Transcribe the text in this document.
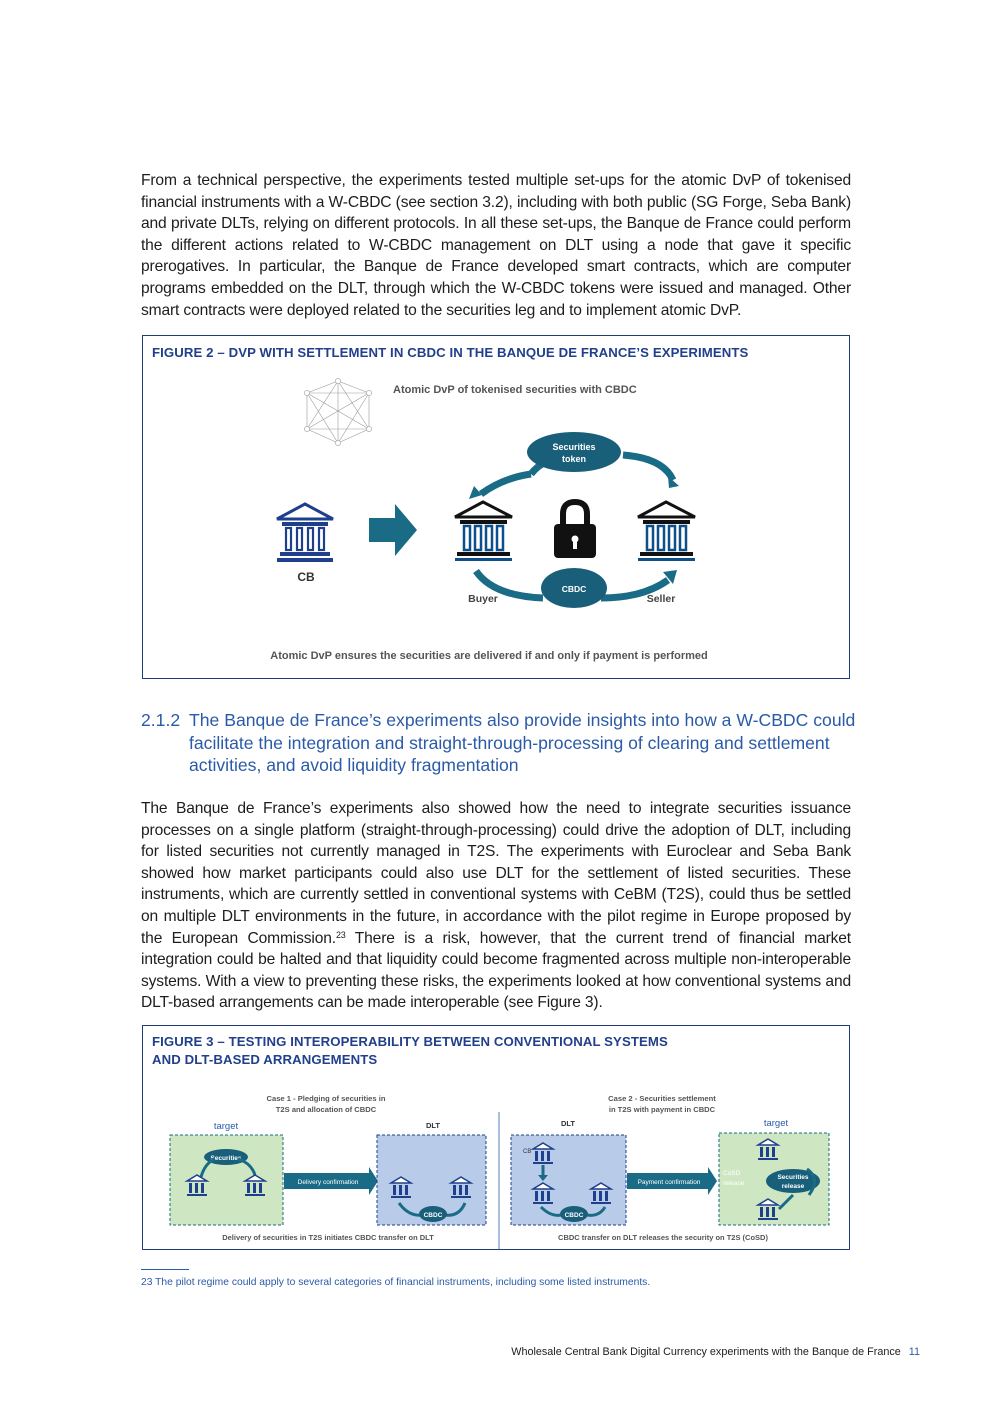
From a technical perspective, the experiments tested multiple set-ups for the atomic DvP of tokenised financial instruments with a W-CBDC (see section 3.2), including with both public (SG Forge, Seba Bank) and private DLTs, relying on different protocols. In all these set-ups, the Banque de France could perform the different actions related to W-CBDC management on DLT using a node that gave it specific prerogatives. In particular, the Banque de France developed smart contracts, which are computer programs embedded on the DLT, through which the W-CBDC tokens were issued and managed. Other smart contracts were deployed related to the securities leg and to implement atomic DvP.

FIGURE 2 – DVP WITH SETTLEMENT IN CBDC IN THE BANQUE DE FRANCE’S EXPERIMENTS

Atomic DvP of tokenised securities with CBDC
CB
Securities
token
CBDC
Buyer	Seller
Atomic DvP ensures the securities are delivered if and only if payment is performed
2.1.2 The Banque de France’s experiments also provide insights into how a W-CBDC could facilitate the integration and straight-through-processing of clearing and settlement activities, and avoid liquidity fragmentation

The Banque de France’s experiments also showed how the need to integrate securities issuance processes on a single platform (straight-through-processing) could drive the adoption of DLT, including for listed securities not currently managed in T2S. The experiments with Euroclear and Seba Bank showed how market participants could also use DLT for the settlement of listed securities. These instruments, which are currently settled in conventional systems with CeBM (T2S), could thus be settled on multiple DLT environments in the future, in accordance with the pilot regime in Europe proposed by the European Commission.$^{23}$ There is a risk, however, that the current trend of financial market integration could be halted and that liquidity could become fragmented across multiple non-interoperable systems. With a view to preventing these risks, the experiments looked at how conventional systems and DLT-based arrangements can be made interoperable (see Figure 3).

FIGURE 3 – TESTING INTEROPERABILITY BETWEEN CONVENTIONAL SYSTEMS

AND DLT-BASED ARRANGEMENTS

Case 1 - Pledging of securities in
T2S and allocation of CBDC
Case 2 - Securities settlement
in T2S with payment in CBDC
target
Securities
Delivery confirmation
DLT
CBDC
Delivery of securities in T2S initiates CBDC transfer on DLT
DLT
CB
CBDC
Payment confirmation
target
CoSD
release
Securities
release
CBDC transfer on DLT releases the security on T2S (CoSD)
23 The pilot regime could apply to several categories of financial instruments, including some listed instruments.
Wholesale Central Bank Digital Currency experiments with the Banque de France 11
